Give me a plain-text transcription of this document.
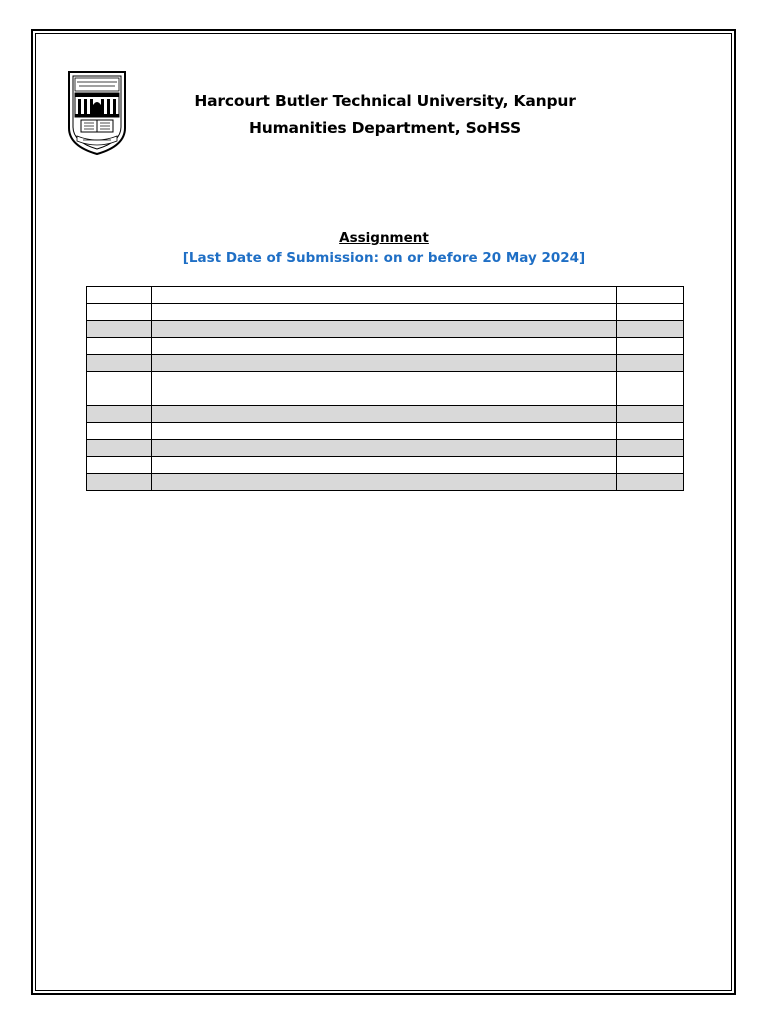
Harcourt Butler Technical University, Kanpur
Humanities Department, SoHSS
Assignment
[Last Date of Submission: on or before 20 May 2024]
